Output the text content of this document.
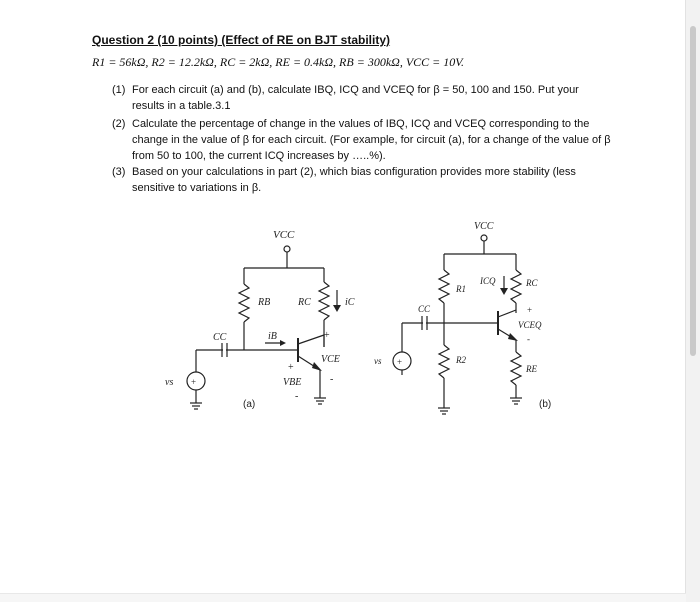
Question 2 (10 points) (Effect of RE on BJT stability)
R1 = 56kΩ, R2 = 12.2kΩ, RC = 2kΩ, RE = 0.4kΩ, RB = 300kΩ, VCC = 10V.
(1) For each circuit (a) and (b), calculate IBQ, ICQ and VCEQ for β = 50, 100 and 150. Put your results in a table.3.1
(2) Calculate the percentage of change in the values of IBQ, ICQ and VCEQ corresponding to the change in the value of β for each circuit. (For example, for circuit (a), for a change of the value of β from 50 to 100, the current ICQ increases by …..%).
(3) Based on your calculations in part (2), which bias configuration provides more stability (less sensitive to variations in β.
VCC
RB	RC	iC
CC	iB	+
VCE
-
+
VBE
-
+
vs
(a)
VCC
R1
RC
ICQ
CC
R2
+
VCEQ
-
RE
+
vs
(b)
